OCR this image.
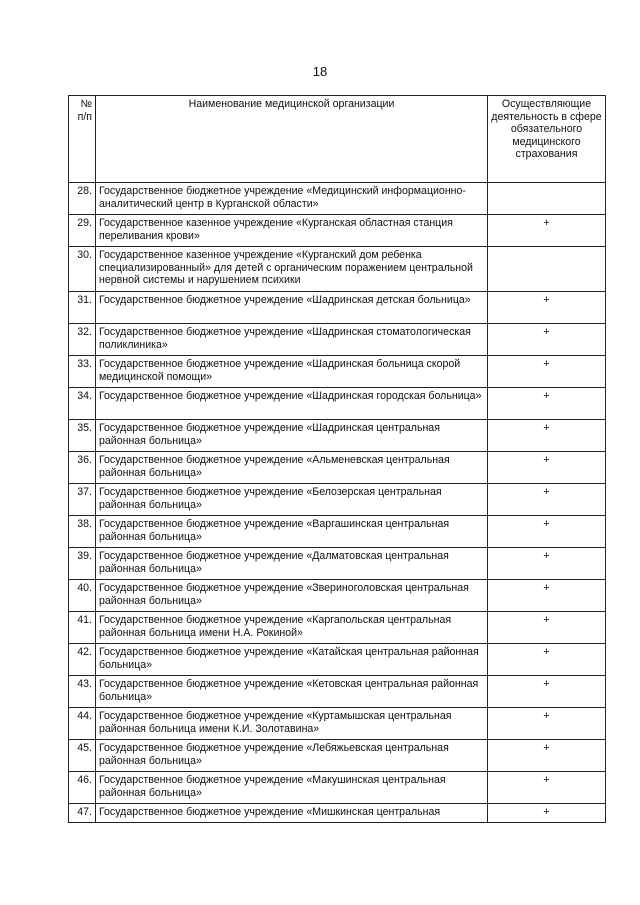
18
№
п/п	Наименование медицинской организации	Осуществляющие деятельность в сфере обязательного медицинского страхования
28.	Государственное бюджетное учреждение «Медицинский информационно-аналитический центр в Курганской области»	
29.	Государственное казенное учреждение «Курганская областная станция переливания крови»	+
30.	Государственное казенное учреждение «Курганский дом ребенка специализированный» для детей с органическим поражением центральной нервной системы и нарушением психики	
31.	Государственное бюджетное учреждение «Шадринская детская больница»	+
32.	Государственное бюджетное учреждение «Шадринская стоматологическая поликлиника»	+
33.	Государственное бюджетное учреждение «Шадринская больница скорой медицинской помощи»	+
34.	Государственное бюджетное учреждение «Шадринская городская больница»	+
35.	Государственное бюджетное учреждение «Шадринская центральная районная больница»	+
36.	Государственное бюджетное учреждение «Альменевская центральная районная больница»	+
37.	Государственное бюджетное учреждение «Белозерская центральная районная больница»	+
38.	Государственное бюджетное учреждение «Варгашинская центральная районная больница»	+
39.	Государственное бюджетное учреждение «Далматовская центральная районная больница»	+
40.	Государственное бюджетное учреждение «Звериноголовская центральная районная больница»	+
41.	Государственное бюджетное учреждение «Каргапольская центральная районная больница имени Н.А. Рокиной»	+
42.	Государственное бюджетное учреждение «Катайская центральная районная больница»	+
43.	Государственное бюджетное учреждение «Кетовская центральная районная больница»	+
44.	Государственное бюджетное учреждение «Куртамышская центральная районная больница имени К.И. Золотавина»	+
45.	Государственное бюджетное учреждение «Лебяжьевская центральная районная больница»	+
46.	Государственное бюджетное учреждение «Макушинская центральная районная больница»	+
47.	Государственное бюджетное учреждение «Мишкинская центральная	+
